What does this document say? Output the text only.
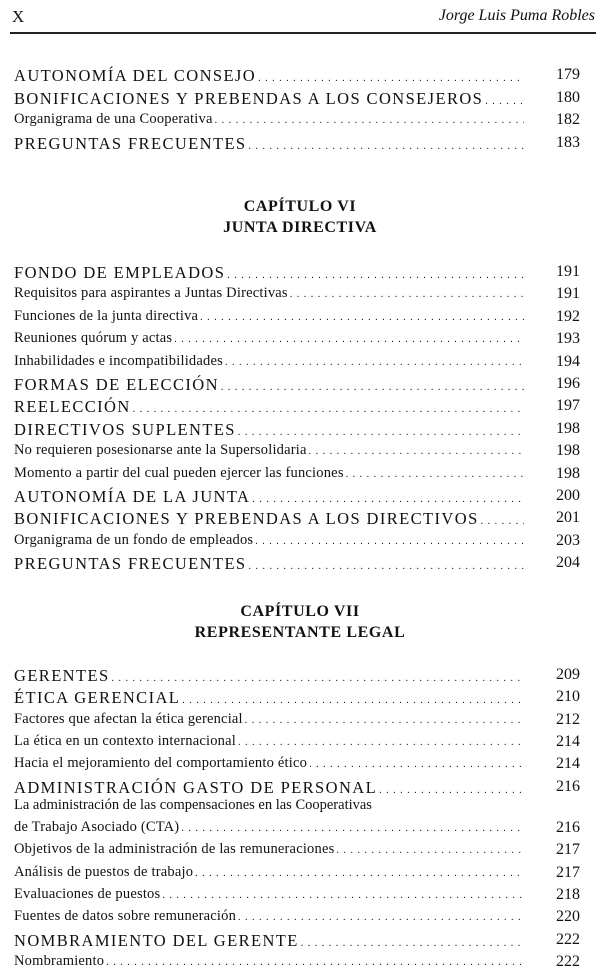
X	Jorge Luis Puma Robles
AUTONOMÍA DEL CONSEJO . . .	179
BONIFICACIONES Y PREBENDAS A LOS CONSEJEROS . . .	180
Organigrama de una Cooperativa . . .	182
PREGUNTAS FRECUENTES . . .	183
CAPÍTULO VI
JUNTA DIRECTIVA
FONDO DE EMPLEADOS . . .	191
Requisitos para aspirantes a Juntas Directivas . . .	191
Funciones de la junta directiva . . .	192
Reuniones quórum y actas . . .	193
Inhabilidades e incompatibilidades . . .	194
FORMAS DE ELECCIÓN . . .	196
REELECCIÓN . . .	197
DIRECTIVOS SUPLENTES . . .	198
No requieren posesionarse ante la Supersolidaria . . .	198
Momento a partir del cual pueden ejercer las funciones . . .	198
AUTONOMÍA DE LA JUNTA . . .	200
BONIFICACIONES Y PREBENDAS A LOS DIRECTIVOS . . .	201
Organigrama de un fondo de empleados . . .	203
PREGUNTAS FRECUENTES . . .	204
CAPÍTULO VII
REPRESENTANTE LEGAL
GERENTES . . .	209
ÉTICA GERENCIAL . . .	210
Factores que afectan la ética gerencial . . .	212
La ética en un contexto internacional . . .	214
Hacia el mejoramiento del comportamiento ético . . .	214
ADMINISTRACIÓN GASTO DE PERSONAL . . .	216
La administración de las compensaciones en las Cooperativas
de Trabajo Asociado (CTA) . . .	216
Objetivos de la administración de las remuneraciones . . .	217
Análisis de puestos de trabajo . . .	217
Evaluaciones de puestos . . .	218
Fuentes de datos sobre remuneración . . .	220
NOMBRAMIENTO DEL GERENTE . . .	222
Nombramiento . . .	222
